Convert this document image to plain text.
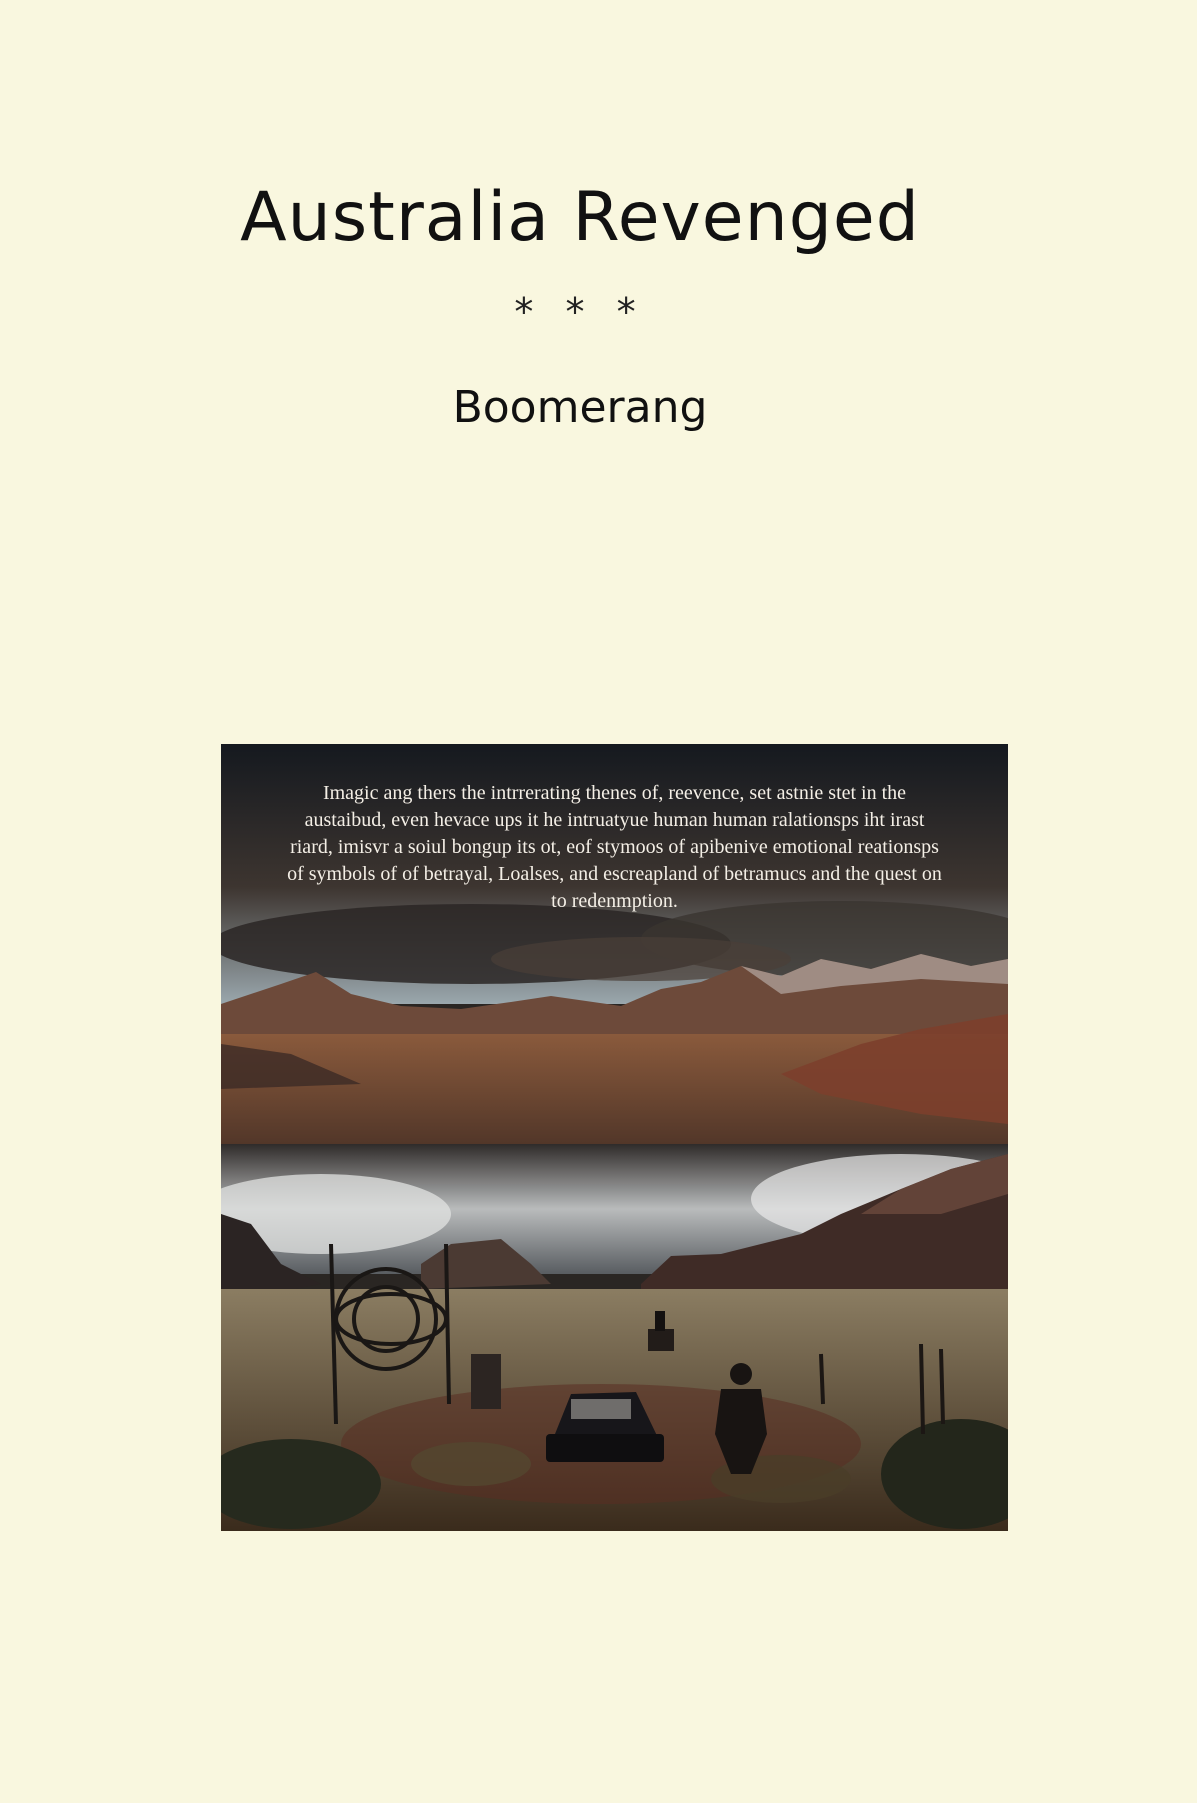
Australia Revenged
* * *
Boomerang
Imagic ang thers the intrrerating thenes of, reevence, set astnie stet in the
austaibud, even hevace ups it he intruatyue human human ralationsps iht irast
riard, imisvr a soiul bongup its ot, eof stymoos of apibenive emotional reationsps
of symbols of of betrayal, Loalses, and escreapland of betramucs and the quest on
to redenmption.
